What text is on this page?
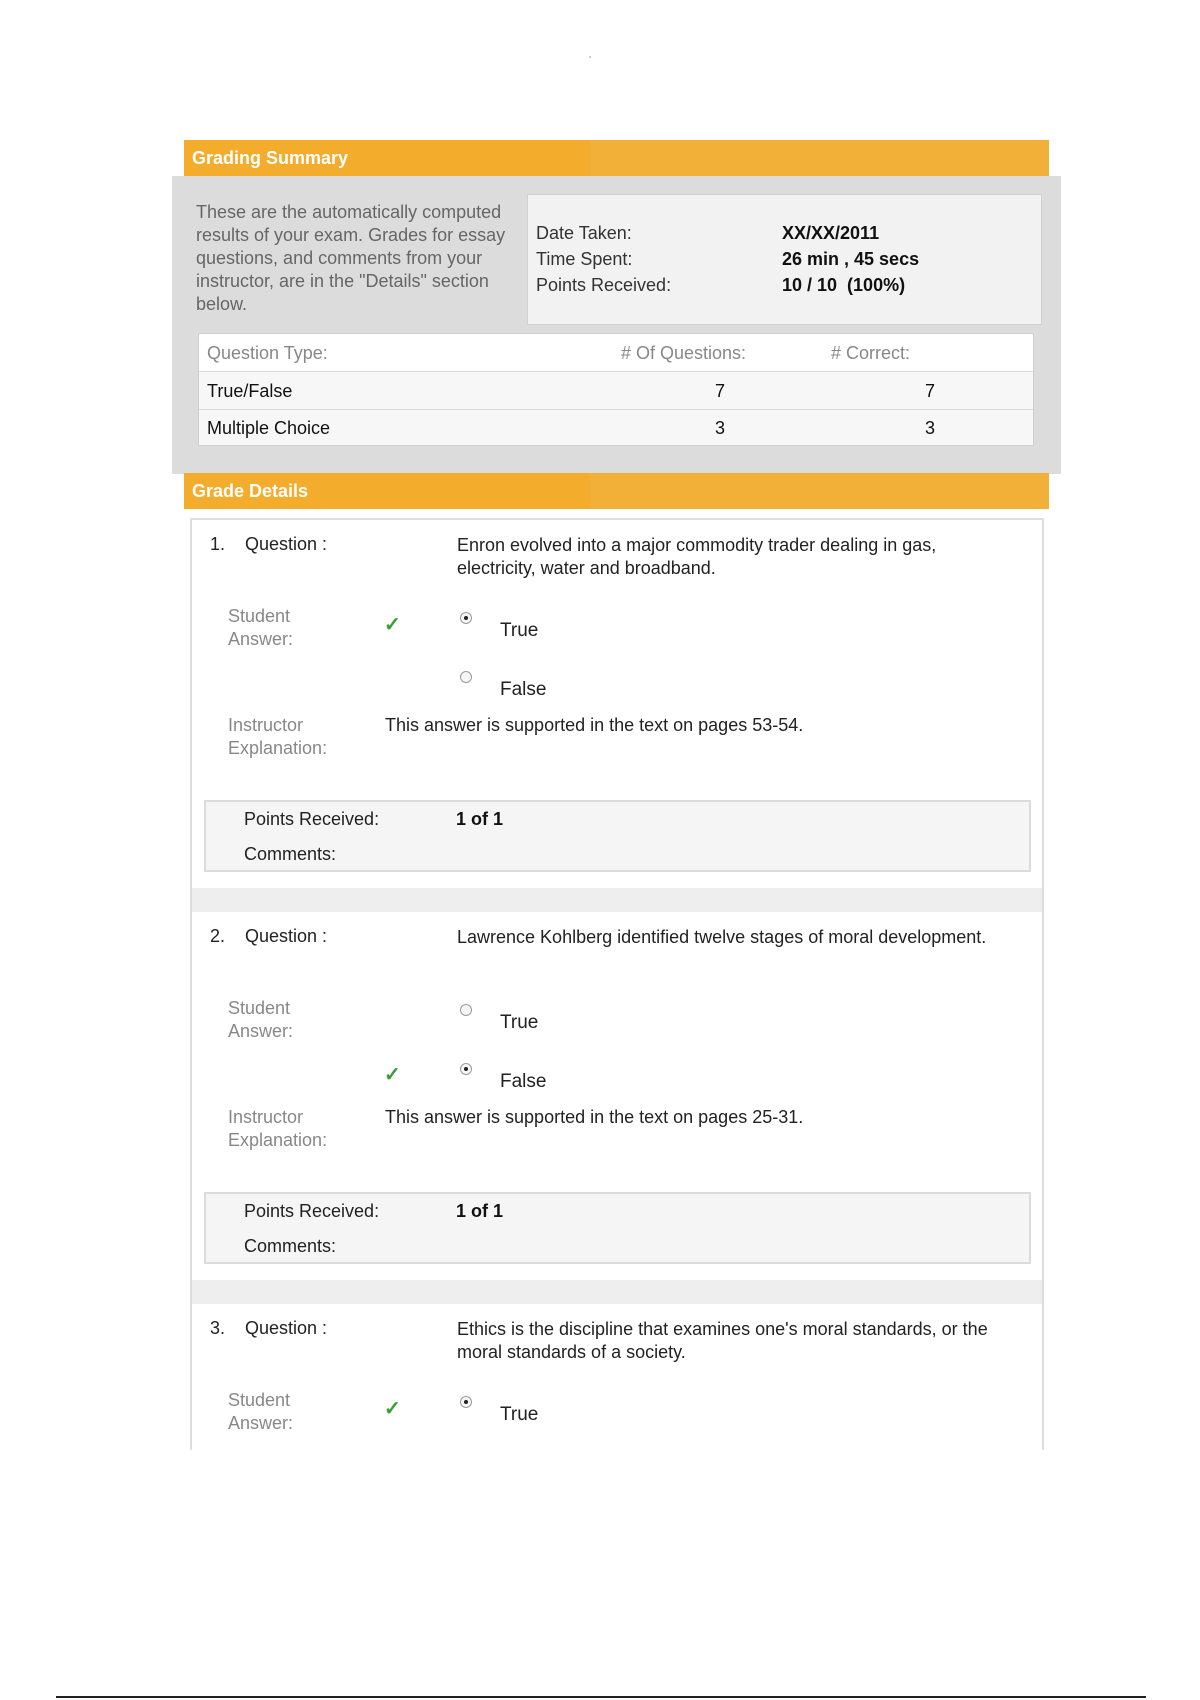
Grading Summary
These are the automatically computed results of your exam. Grades for essay questions, and comments from your instructor, are in the "Details" section below.
Date Taken:	XX/XX/2011
Time Spent:	26 min , 45 secs
Points Received:	10 / 10  (100%)
Question Type:	# Of Questions:	# Correct:
True/False	7	7
Multiple Choice	3	3
Grade Details
1. Question :	Enron evolved into a major commodity trader dealing in gas, electricity, water and broadband.
Student Answer:
✓	True
False
Instructor Explanation:
This answer is supported in the text on pages 53-54.
Points Received:	1 of 1
Comments:
2. Question :	Lawrence Kohlberg identified twelve stages of moral development.
Student Answer:	True
✓	False
Instructor Explanation:
This answer is supported in the text on pages 25-31.
Points Received:	1 of 1
Comments:
3. Question :	Ethics is the discipline that examines one's moral standards, or the moral standards of a society.
Student Answer:
✓	True
